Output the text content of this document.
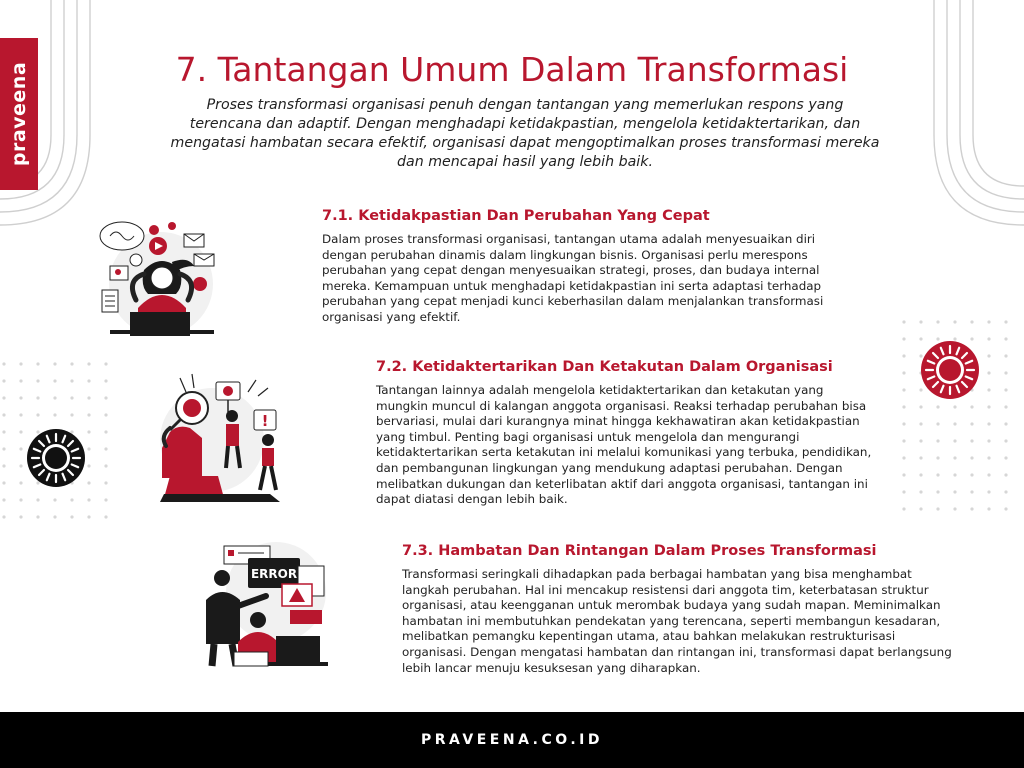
praveena	7. Tantangan Umum Dalam Transformasi

Proses transformasi organisasi penuh dengan tantangan yang memerlukan respons yang terencana dan adaptif. Dengan menghadapi ketidakpastian, mengelola ketidaktertarikan, dan mengatasi hambatan secara efektif, organisasi dapat mengoptimalkan proses transformasi mereka dan mencapai hasil yang lebih baik.

!
ERROR
7.1. Ketidakpastian Dan Perubahan Yang Cepat

Dalam proses transformasi organisasi, tantangan utama adalah menyesuaikan diri dengan perubahan dinamis dalam lingkungan bisnis. Organisasi perlu merespons perubahan yang cepat dengan menyesuaikan strategi, proses, dan budaya internal mereka. Kemampuan untuk menghadapi ketidakpastian ini serta adaptasi terhadap perubahan yang cepat menjadi kunci keberhasilan dalam menjalankan transformasi organisasi yang efektif.

7.2. Ketidaktertarikan Dan Ketakutan Dalam Organisasi

Tantangan lainnya adalah mengelola ketidaktertarikan dan ketakutan yang mungkin muncul di kalangan anggota organisasi. Reaksi terhadap perubahan bisa bervariasi, mulai dari kurangnya minat hingga kekhawatiran akan ketidakpastian yang timbul. Penting bagi organisasi untuk mengelola dan mengurangi ketidaktertarikan serta ketakutan ini melalui komunikasi yang terbuka, pendidikan, dan pembangunan lingkungan yang mendukung adaptasi perubahan. Dengan melibatkan dukungan dan keterlibatan aktif dari anggota organisasi, tantangan ini dapat diatasi dengan lebih baik.

7.3. Hambatan Dan Rintangan Dalam Proses Transformasi

Transformasi seringkali dihadapkan pada berbagai hambatan yang bisa menghambat langkah perubahan. Hal ini mencakup resistensi dari anggota tim, keterbatasan struktur organisasi, atau keengganan untuk merombak budaya yang sudah mapan. Meminimalkan hambatan ini membutuhkan pendekatan yang terencana, seperti membangun kesadaran, melibatkan pemangku kepentingan utama, atau bahkan melakukan restrukturisasi organisasi. Dengan mengatasi hambatan dan rintangan ini, transformasi dapat berlangsung lebih lancar menuju kesuksesan yang diharapkan.

PRAVEENA.CO.ID
